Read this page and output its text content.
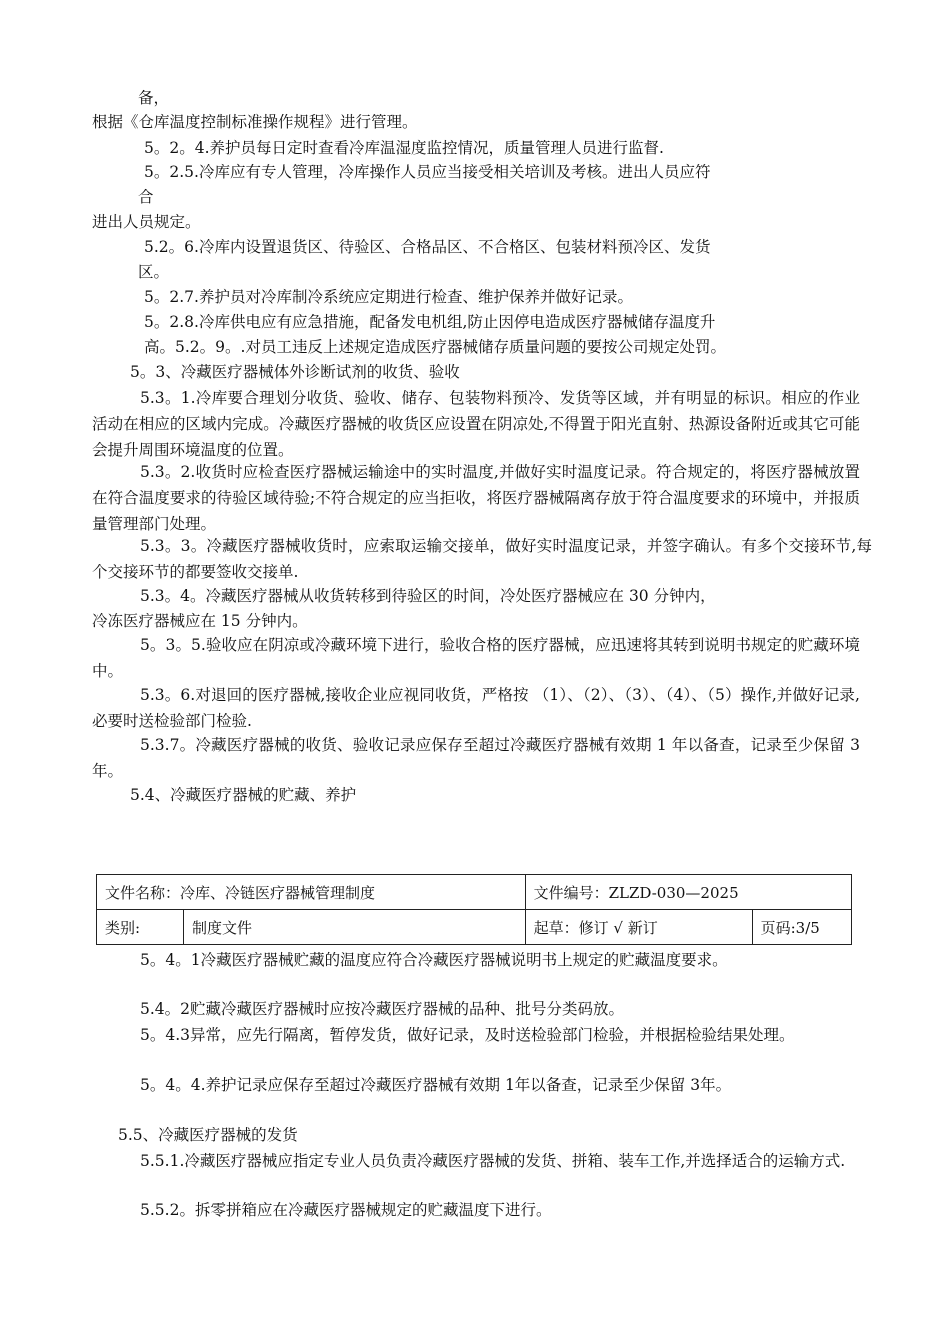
备，
根据《仓库温度控制标准操作规程》进行管理。
5。2。4.养护员每日定时查看冷库温湿度监控情况，质量管理人员进行监督.
5。2.5.冷库应有专人管理，冷库操作人员应当接受相关培训及考核。进出人员应符
合
进出人员规定。
5.2。6.冷库内设置退货区、待验区、合格品区、不合格区、包装材料预冷区、发货
区。
5。2.7.养护员对冷库制冷系统应定期进行检查、维护保养并做好记录。
5。2.8.冷库供电应有应急措施，配备发电机组,防止因停电造成医疗器械储存温度升
高。5.2。9。.对员工违反上述规定造成医疗器械储存质量问题的要按公司规定处罚。
5。3、冷藏医疗器械体外诊断试剂的收货、验收
5.3。1.冷库要合理划分收货、验收、储存、包装物料预冷、发货等区域，并有明显的标识。相应的作业活动在相应的区域内完成。冷藏医疗器械的收货区应设置在阴凉处,不得置于阳光直射、热源设备附近或其它可能会提升周围环境温度的位置。
5.3。2.收货时应检查医疗器械运输途中的实时温度,并做好实时温度记录。符合规定的，将医疗器械放置在符合温度要求的待验区域待验;不符合规定的应当拒收，将医疗器械隔离存放于符合温度要求的环境中，并报质量管理部门处理。
5.3。3。冷藏医疗器械收货时，应索取运输交接单，做好实时温度记录，并签字确认。有多个交接环节,每个交接环节的都要签收交接单.
5.3。4。冷藏医疗器械从收货转移到待验区的时间，冷处医疗器械应在 30 分钟内，
冷冻医疗器械应在 15 分钟内。
5。3。5.验收应在阴凉或冷藏环境下进行，验收合格的医疗器械，应迅速将其转到说明书规定的贮藏环境中。
5.3。6.对退回的医疗器械,接收企业应视同收货，严格按 （1）、（2）、（3）、（4）、（5）操作,并做好记录,必要时送检验部门检验.
5.3.7。冷藏医疗器械的收货、验收记录应保存至超过冷藏医疗器械有效期 1 年以备查，记录至少保留 3 年。
5.4、冷藏医疗器械的贮藏、养护
文件名称：冷库、冷链医疗器械管理制度		文件编号：ZLZD-030—2025	
类别:	制度文件	起草：修订 √ 新订	页码:3/5
5。4。1冷藏医疗器械贮藏的温度应符合冷藏医疗器械说明书上规定的贮藏温度要求。
5.4。2贮藏冷藏医疗器械时应按冷藏医疗器械的品种、批号分类码放。
5。4.3异常，应先行隔离，暂停发货，做好记录，及时送检验部门检验，并根据检验结果处理。
5。4。4.养护记录应保存至超过冷藏医疗器械有效期 1年以备查，记录至少保留 3年。
5.5、冷藏医疗器械的发货
5.5.1.冷藏医疗器械应指定专业人员负责冷藏医疗器械的发货、拼箱、装车工作,并选择适合的运输方式.
5.5.2。拆零拼箱应在冷藏医疗器械规定的贮藏温度下进行。
